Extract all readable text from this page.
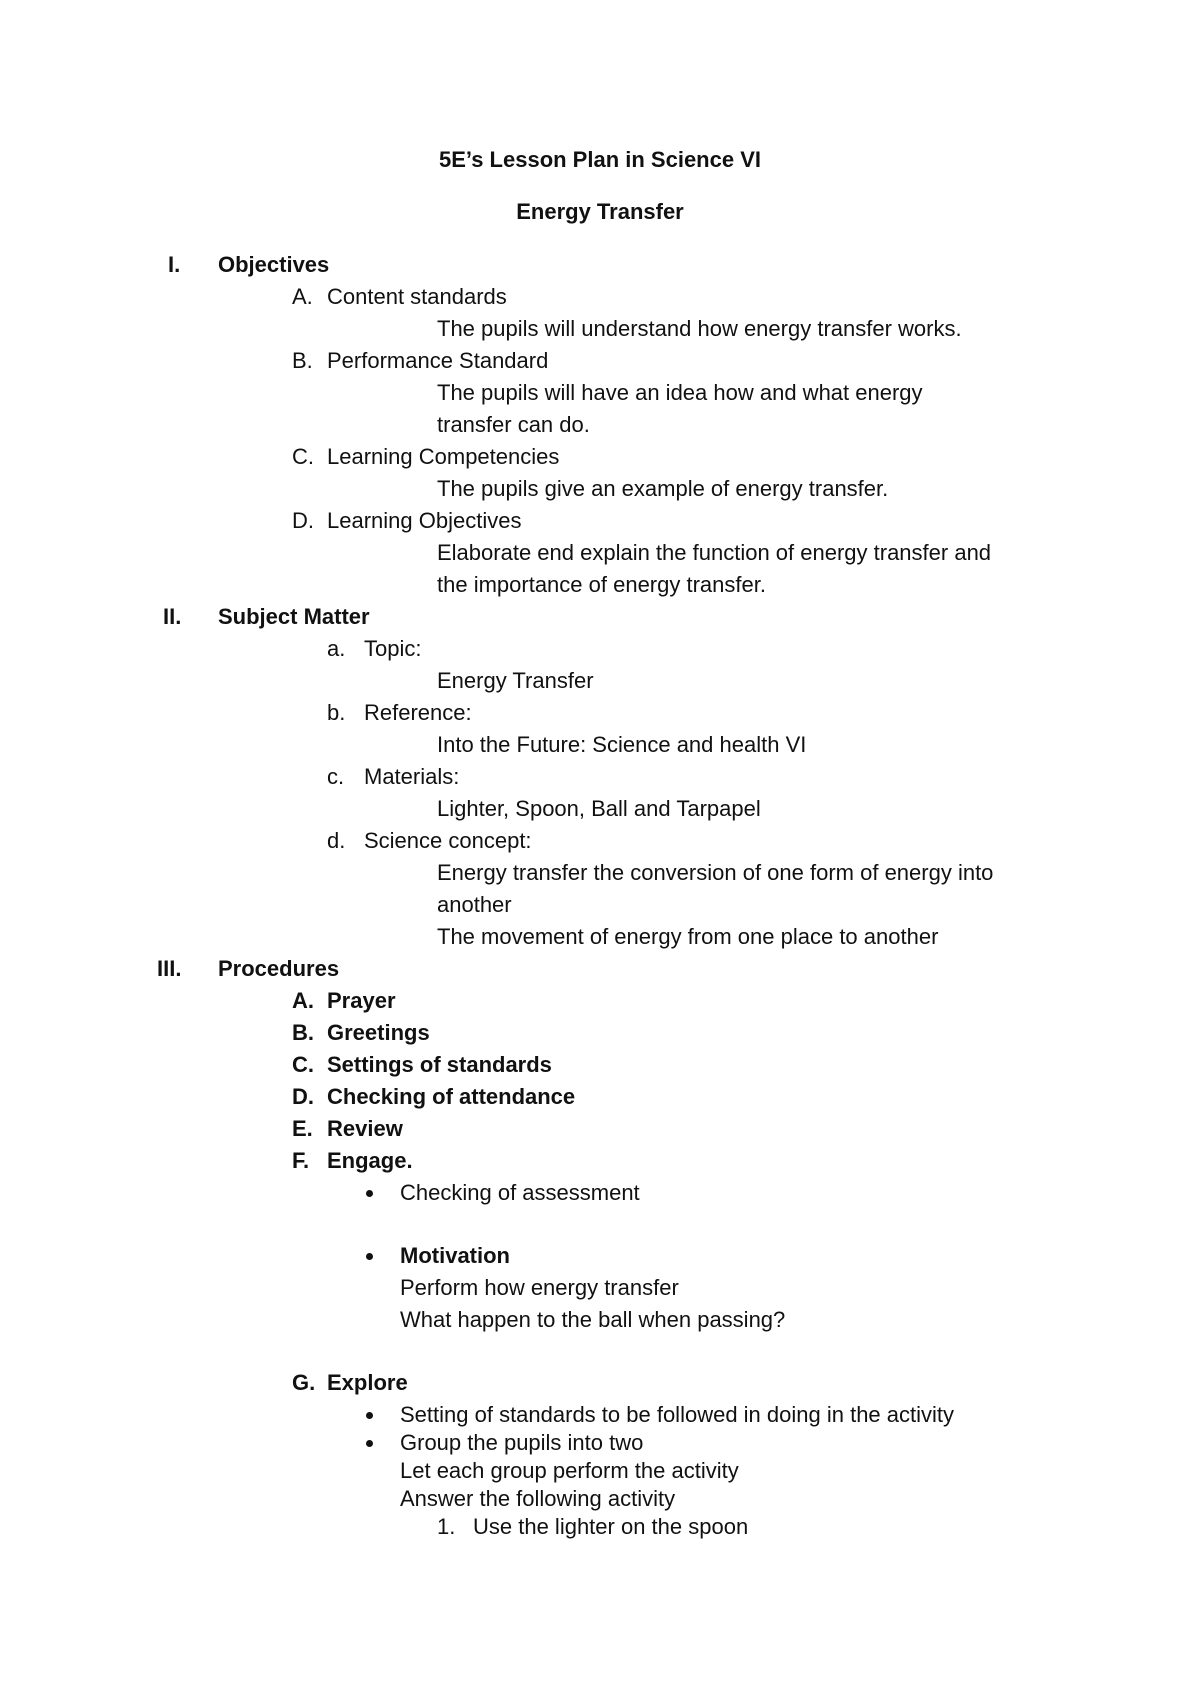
5E’s Lesson Plan in Science VI
Energy Transfer
I. Objectives
A. Content standards
The pupils will understand how energy transfer works.
B. Performance Standard
The pupils will have an idea how and what energy
transfer can do.
C. Learning Competencies
The pupils give an example of energy transfer.
D. Learning Objectives
Elaborate end explain the function of energy transfer and
the importance of energy transfer.
II. Subject Matter
a. Topic:
Energy Transfer
b. Reference:
Into the Future: Science and health VI
c. Materials:
Lighter, Spoon, Ball and Tarpapel
d. Science concept:
Energy transfer the conversion of one form of energy into
another
The movement of energy from one place to another
III. Procedures
A. Prayer
B. Greetings
C. Settings of standards
D. Checking of attendance
E. Review
F. Engage.
Checking of assessment
Motivation
Perform how energy transfer
What happen to the ball when passing?
G. Explore
Setting of standards to be followed in doing in the activity
Group the pupils into two
Let each group perform the activity
Answer the following activity
1. Use the lighter on the spoon
